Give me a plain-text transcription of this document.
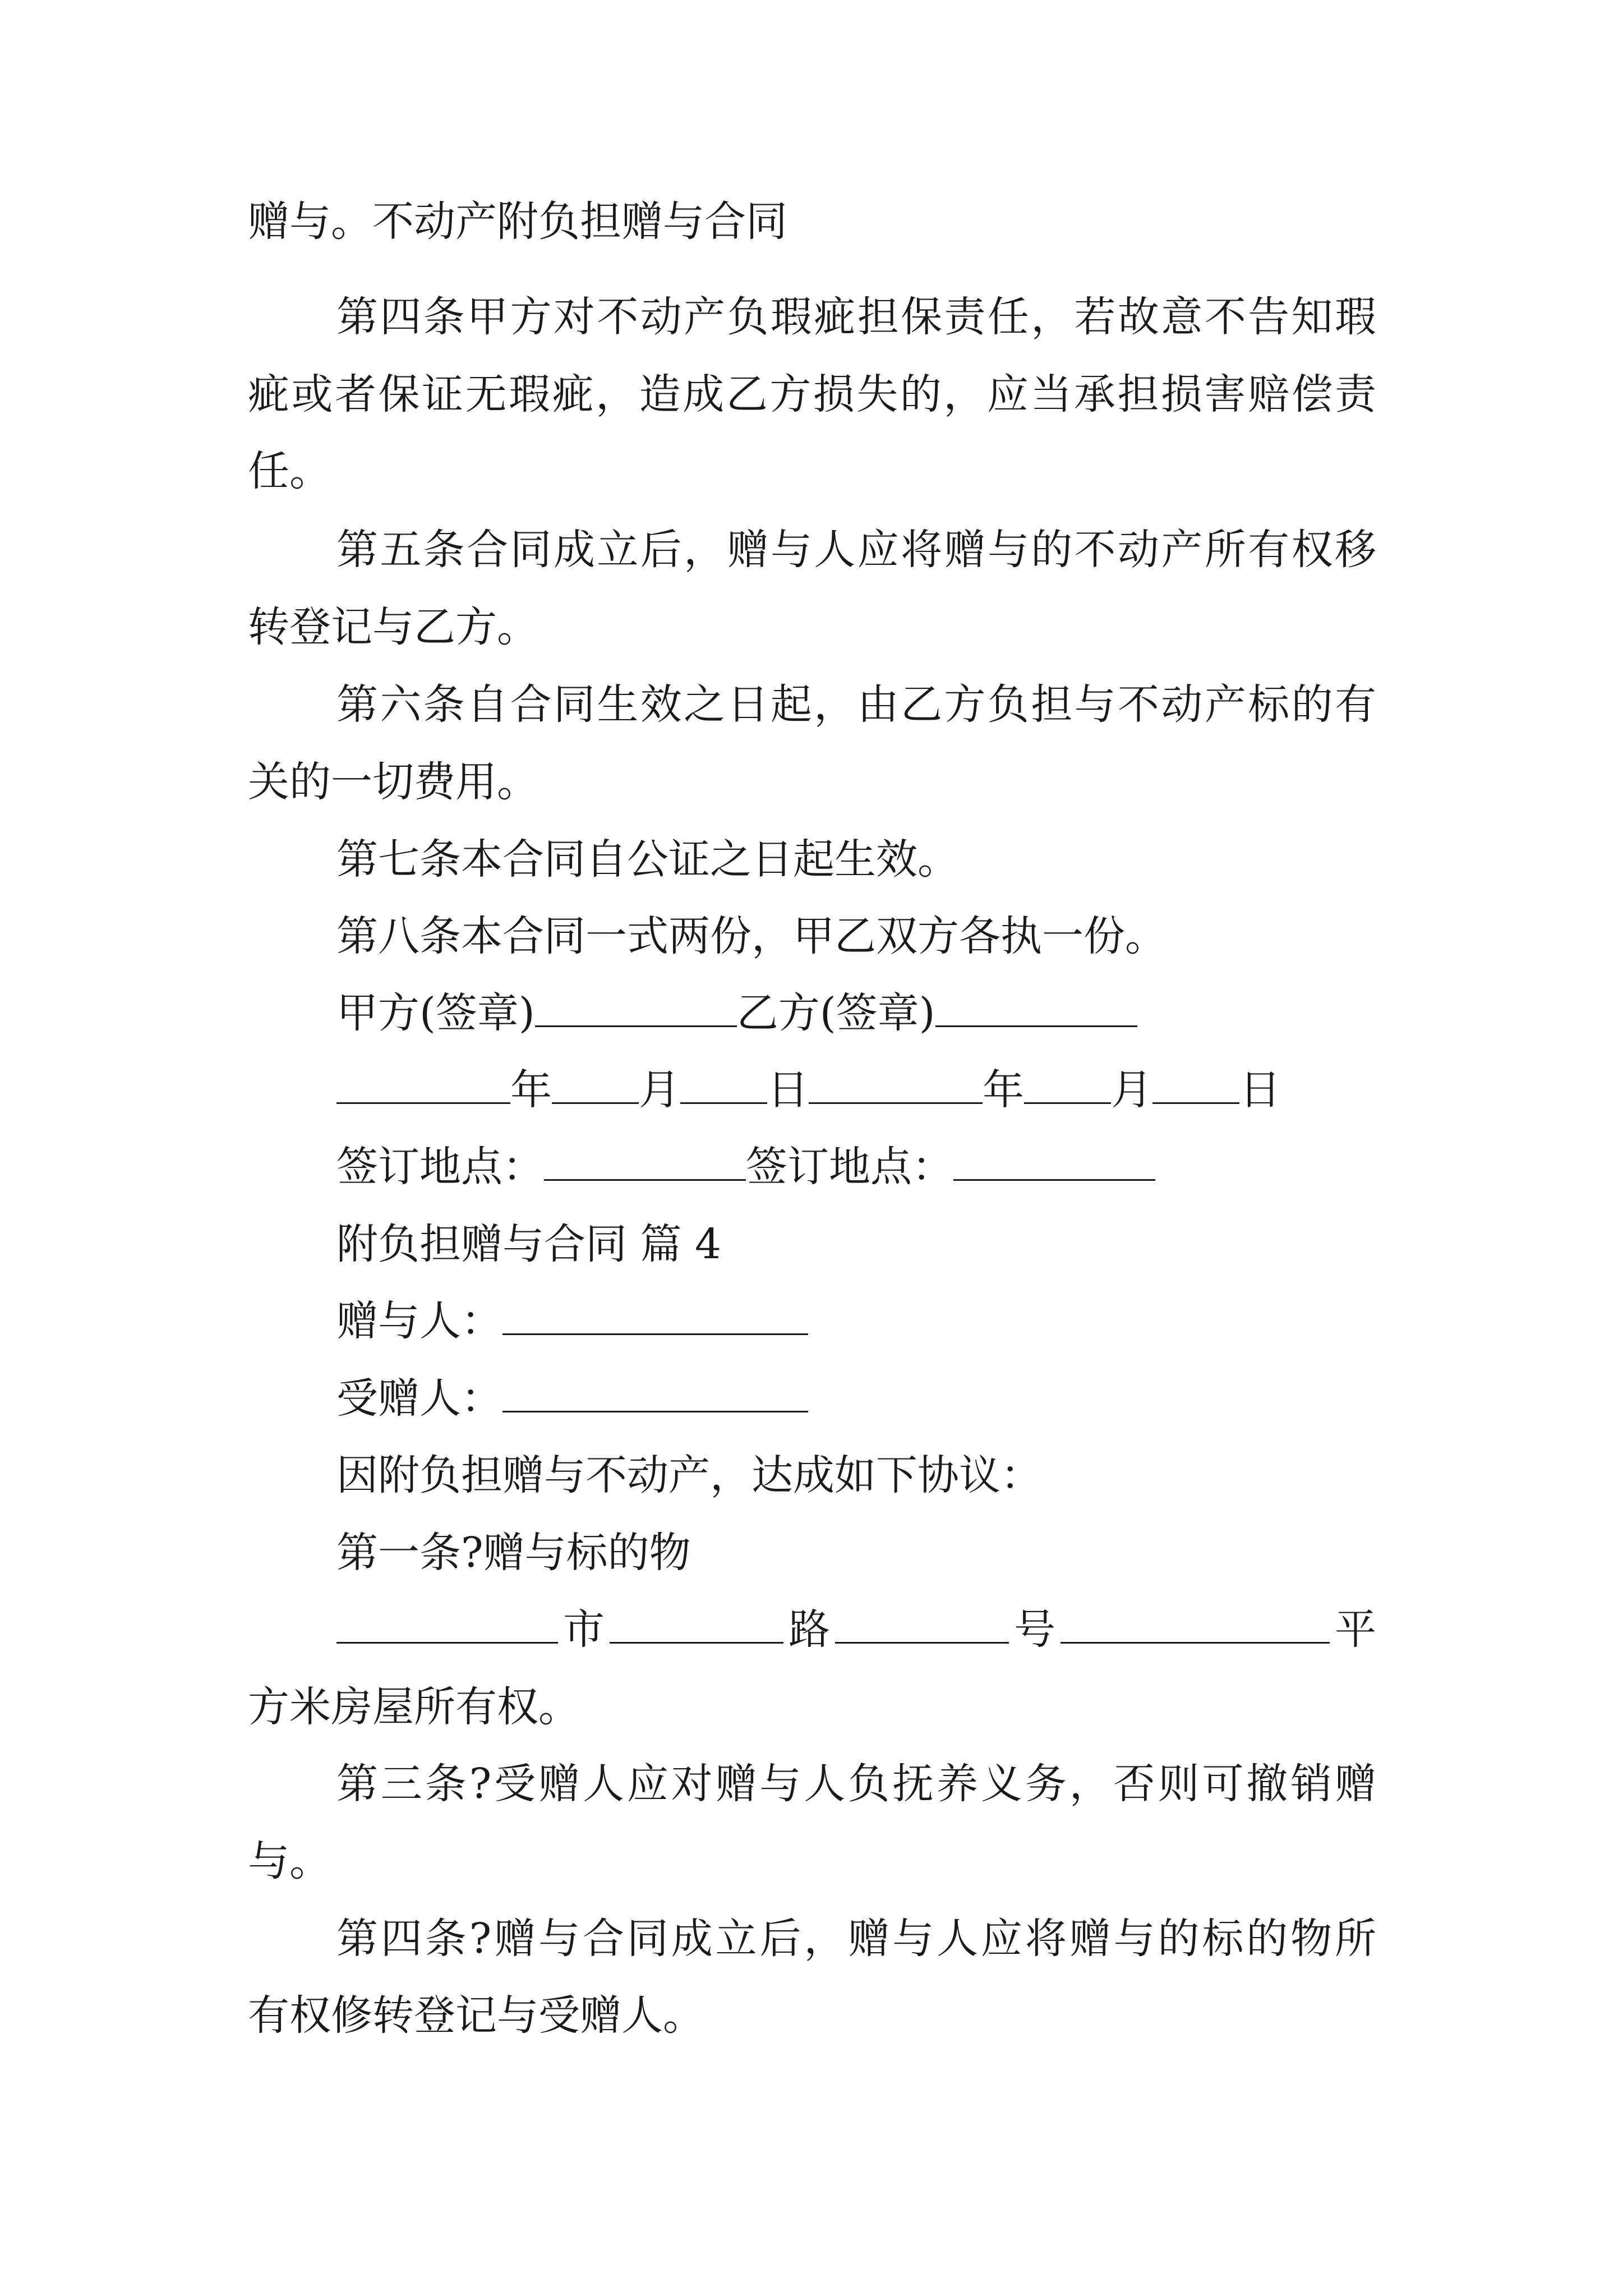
赠与。不动产附负担赠与合同
第四条甲方对不动产负瑕疵担保责任，若故意不告知瑕
疵或者保证无瑕疵，造成乙方损失的，应当承担损害赔偿责
任。
第五条合同成立后，赠与人应将赠与的不动产所有权移
转登记与乙方。
第六条自合同生效之日起，由乙方负担与不动产标的有
关的一切费用。
第七条本合同自公证之日起生效。
第八条本合同一式两份，甲乙双方各执一份。
甲方(签章)	乙方(签章)
年 月 日	年 月 日
签订地点：	签订地点：
附负担赠与合同 篇 4
赠与人：
受赠人：
因附负担赠与不动产，达成如下协议：
第一条?赠与标的物
市	路	号	平
方米房屋所有权。
第三条?受赠人应对赠与人负抚养义务，否则可撤销赠
与。
第四条?赠与合同成立后，赠与人应将赠与的标的物所
有权修转登记与受赠人。
